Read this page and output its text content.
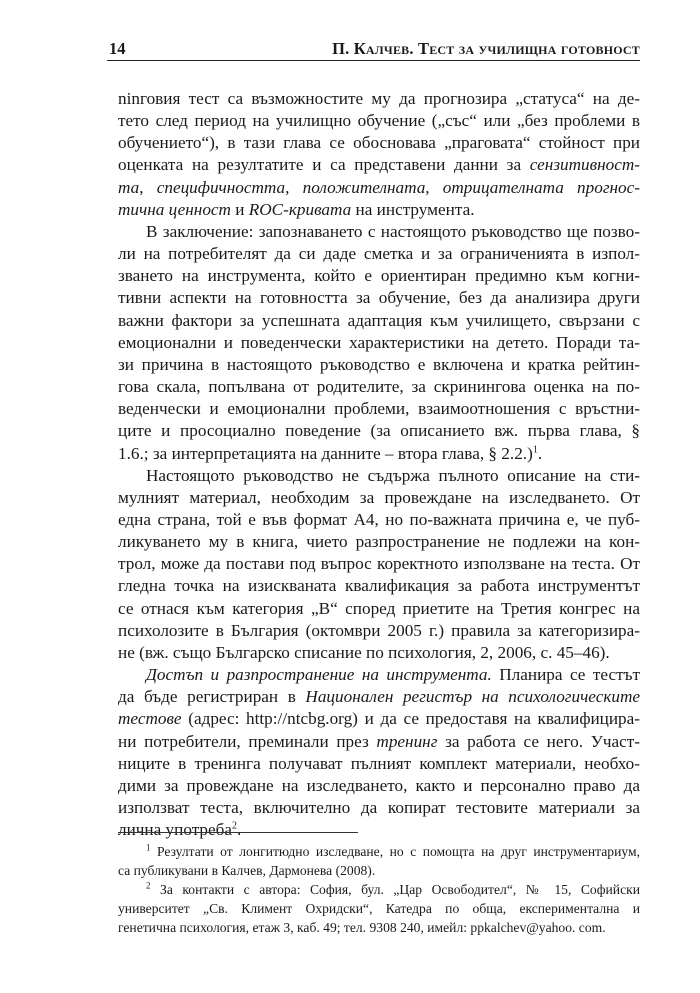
14	П. Калчев. Тест за училищна готовност

ninговия тест са възможностите му да прогнозира „статуса“ на де-
тето след период на училищно обучение („със“ или „без проблеми в
обучението“), в тази глава се обосновава „праговата“ стойност при
оценката на резултатите и са представени данни за сензитивност-
та, специфичността, положителната, отрицателната прогнос-
тична ценност и ROC-кривата на инструмента.

В заключение: запознаването с настоящото ръководство ще позво-
ли на потребителят да си даде сметка и за ограниченията в изпол-
зването на инструмента, който е ориентиран предимно към когни-
тивни аспекти на готовността за обучение, без да анализира други
важни фактори за успешната адаптация към училището, свързани с
емоционални и поведенчески характеристики на детето. Поради та-
зи причина в настоящото ръководство е включена и кратка рейтин-
гова скала, попълвана от родителите, за скринингова оценка на по-
веденчески и емоционални проблеми, взаимоотношения с връстни-
ците и просоциално поведение (за описанието вж. първа глава, §
1.6.; за интерпретацията на данните – втора глава, § 2.2.)$^1$.

Настоящото ръководство не съдържа пълното описание на сти-
мулният материал, необходим за провеждане на изследването. От
една страна, той е във формат А4, но по-важната причина е, че пуб-
ликуването му в книга, чието разпространение не подлежи на кон-
трол, може да постави под въпрос коректното използване на теста. От
гледна точка на изискваната квалификация за работа инструментът
се отнася към категория „В“ според приетите на Третия конгрес на
психолозите в България (октомври 2005 г.) правила за категоризира-
не (вж. също Българско списание по психология, 2, 2006, с. 45–46).

Достъп и разпространение на инструмента. Планира се тестът
да бъде регистриран в Национален регистър на психологическите
тестове (адрес: http://ntcbg.org) и да се предоставя на квалифицира-
ни потребители, преминали през тренинг за работа се него. Участ-
ниците в тренинга получават пълният комплект материали, необхо-
дими за провеждане на изследването, както и персонално право да
използват теста, включително да копират тестовите материали за
лична употреба$^2$.

$^1$ Резултати от лонгитюдно изследване, но с помощта на друг инструментариум,
са публикувани в Калчев, Дармонева (2008).
$^2$ За контакти с автора: София, бул. „Цар Освободител“, № 15, Софийски
университет „Св. Климент Охридски“, Катедра по обща, експериментална и
генетична психология, етаж 3, каб. 49; тел. 9308 240, имейл: ppkalchev@yahoo. com.
